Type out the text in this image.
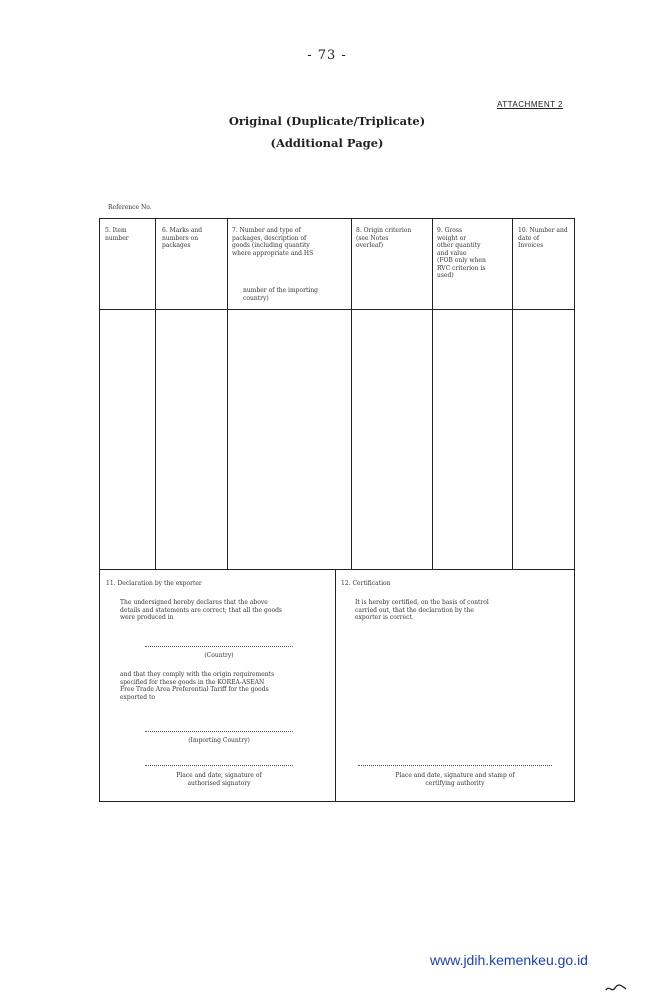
- 73 -
ATTACHMENT 2
Original (Duplicate/Triplicate)
(Additional Page)
Reference No.
5. Item
number
6. Marks and
numbers on
packages
7. Number and type of
packages, description of
goods (including quantity
where appropriate and HS
number of the importing
country)
8. Origin criterion
(see Notes
overleaf)
9. Gross
weight or
other quantity
and value
(FOB only when
RVC criterion is
used)
10. Number and
date of
Invoices
11. Declaration by the exporter
The undersigned hereby declares that the above
details and statements are correct; that all the goods
were produced in
(Country)
and that they comply with the origin requirements
specified for these goods in the KOREA-ASEAN
Free Trade Area Preferential Tariff for the goods
exported to
(Importing Country)
Place and date, signature of
authorised signatory
12. Certification
It is hereby certified, on the basis of control
carried out, that the declaration by the
exporter is correct.
Place and date, signature and stamp of
certifying authority
www.jdih.kemenkeu.go.id
